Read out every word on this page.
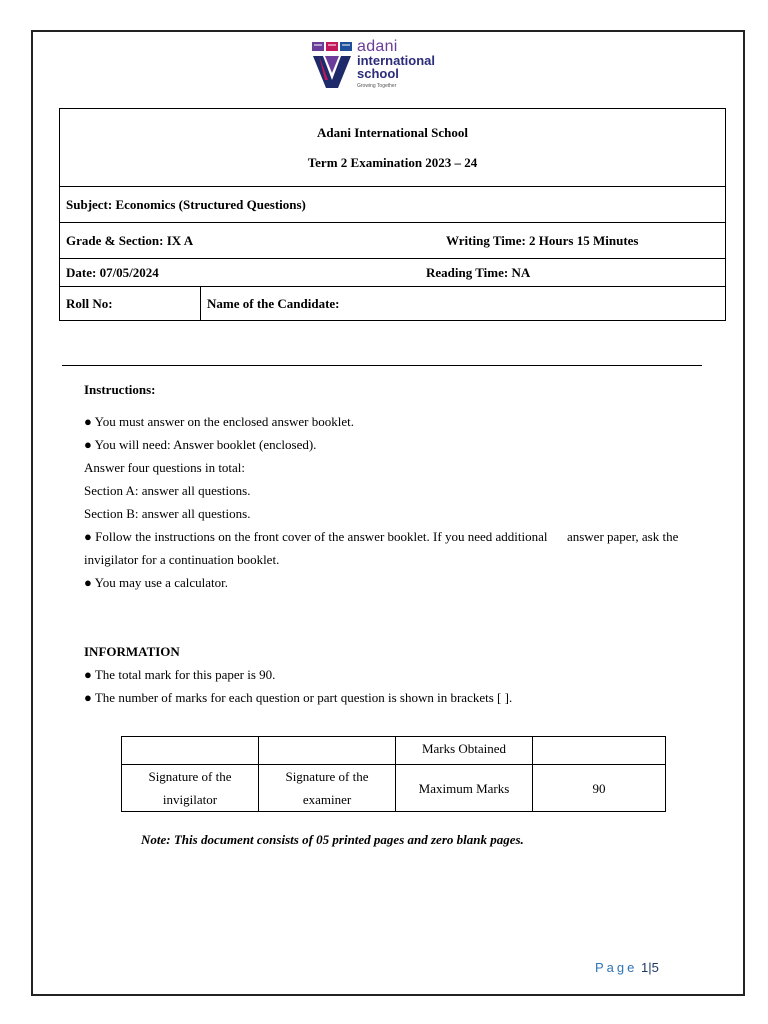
adani
international
school
Growing Together
Adani International School
Term 2 Examination 2023 – 24
Subject: Economics (Structured Questions)

Grade & Section: IX A	Writing Time: 2 Hours 15 Minutes

Date: 07/05/2024	Reading Time: NA

Roll No:	Name of the Candidate:
Instructions:
● You must answer on the enclosed answer booklet.
● You will need: Answer booklet (enclosed).
Answer four questions in total:
Section A: answer all questions.
Section B: answer all questions.
● Follow the instructions on the front cover of the answer booklet. If you need additional      answer paper, ask the invigilator for a continuation booklet.
● You may use a calculator.
INFORMATION
● The total mark for this paper is 90.
● The number of marks for each question or part question is shown in brackets [ ].
		Marks Obtained	
Signature of the invigilator	Signature of the examiner	Maximum Marks	90
Note: This document consists of 05 printed pages and zero blank pages.
Page 1|5
